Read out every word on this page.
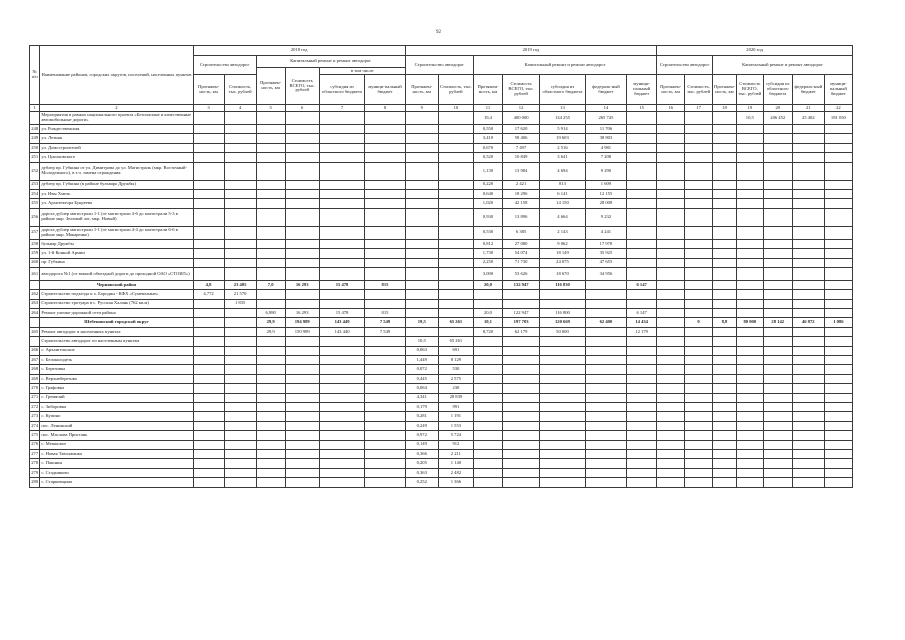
92
№ п/п	Наименование районов, городских округов, поселений, населенных пунктов	2018 год						2019 год							2020 год						
		Строительство автодорог		Капитальный ремонт и ремонт автодорог				Строительство автодорог		Капитальный ремонт и ремонт автодорог					Строительство автодорог		Капитальный ремонт и ремонт автодорог				
				Протяжен-ность, км	Стоимость ВСЕГО, тыс. рублей	в том числе															
		Протяжен-ность, км	Стоимость, тыс. рублей			субсидия из областного бюджета	муници-пальный бюджет	Протяжен-ность, км	Стоимость, тыс. рублей	Протяжен-ность, км	Стоимость ВСЕГО, тыс. рублей	субсидия из областного бюджета	федераль-ный бюджет	муници-пальный бюджет	Протяжен-ность, км	Стоимость, тыс. рублей	Протяжен-ность, км	Стоимость ВСЕГО, тыс. рублей	субсидия из областного бюджета	федераль-ный бюджет	муници-пальный бюджет
1	2	3	4	5	6	7	8	9	10	11	12	13	14	15	16	17	18	19	20	21	22
	Мероприятия в рамках национального проекта «Безопасные и качественные автомобильные дороги»									19,4	400 000	134 255	265 745					10,5	206 452	25 402	181 050
248	ул. Рождественская									0,550	17 620	5 914	11 706								
249	ул. Летняя									3,410	58 406	19 603	38 803								
250	ул. Домостроителей									0,670	7 497	2 516	4 981								
251	ул. Циолковского									0,520	10 849	3 641	7 208								
252	дублер пр. Губкина от ул. Димитрова до ул. Магистраль (мкр. Восточный-Молодежного), в т.ч. замена ограждения									1,130	13 984	4 694	9 290								
253	дублер пр. Губкина (в районе бульвара Дружбы)									0,220	2 421	813	1 609								
254	ул. Ивы Хмель									0,640	18 296	6 141	12 155								
255	ул. Архитектора Букреева									1,020	42 158	14 150	28 008								
256	дорога дублер магистрали 1-1 (от магистрали 4-6 до магистрали 5-3 в районе мкр. Зеленый лог, мкр. Новый)									0,930	13 896	4 664	9 232								
257	дорога дублер магистрали 1-1 (от магистрали 4-4 до магистрали 6-6 в районе мкр. Макаренко)									0,530	6 385	2 143	4 241								
258	бульвар Дружбы									0,812	27 080	9 062	17 978								
259	ул. 1-й Конной Армии									1,730	54 074	18 149	35 925								
260	пр. Губкина									2,250	71 730	24 075	47 655								
261	автодорога №1 (от южной объездной дороги до проходной ОАО «СТОИЛ»)									3,000	53 626	18 670	34 956								
	Чернянский район	4,8	23 405	7,0	16 293	15 478	815			20,0	132 947	116 830		6 147							
262	Строительство подъезда к х. Бородин - КФХ «Суменьзные»	4,772	21 570																		
263	Строительство тротуара в с. Русская Халань (762 кв.м)		1 835																		
264	Ремонт уличко-дорожной сети района			6,980	16 293	15 478	815			20,0	122 947	116 800		6 147							
	Шебекинский городской округ			29,9	194 989	143 449	7 549	19,5	65 261	10,1	197 703	120 669	62 400	14 434		0	8,8	80 000	28 142	46 872	1 086
265	Ремонт автодорог в населенных пунктах			29,9	150 989	143 440	7 549			8,720	62 179	50 000		12 179							
	Строительство автодорог по населенным пунктам							10,5	65 261												
266	с. Архангельское							0,063	691												
267	с. Белоколодезь							1,449	8 129												
268	с. Березовка							0,072	530												
269	с. Верхнеберезово							0,445	2 575												
270	с. Графовка							0,064	230												
271	с. Гремячий							4,341	28 839												
272	с. Зиборовка							0,179	991												
273	с. Купино							0,281	1 191												
274	пос. Ленинский							0,249	1 553												
275	пос. Маслова Пристань							0,972	5 724												
276	с. Мешковое							0,149	912												
277	с. Новая Таволжанка							0,366	2 211												
278	с. Пашнин							0,205	1 140												
279	с. Стадниково							0,363	2 482												
280	с. Старковщина							0,252	1 366												
